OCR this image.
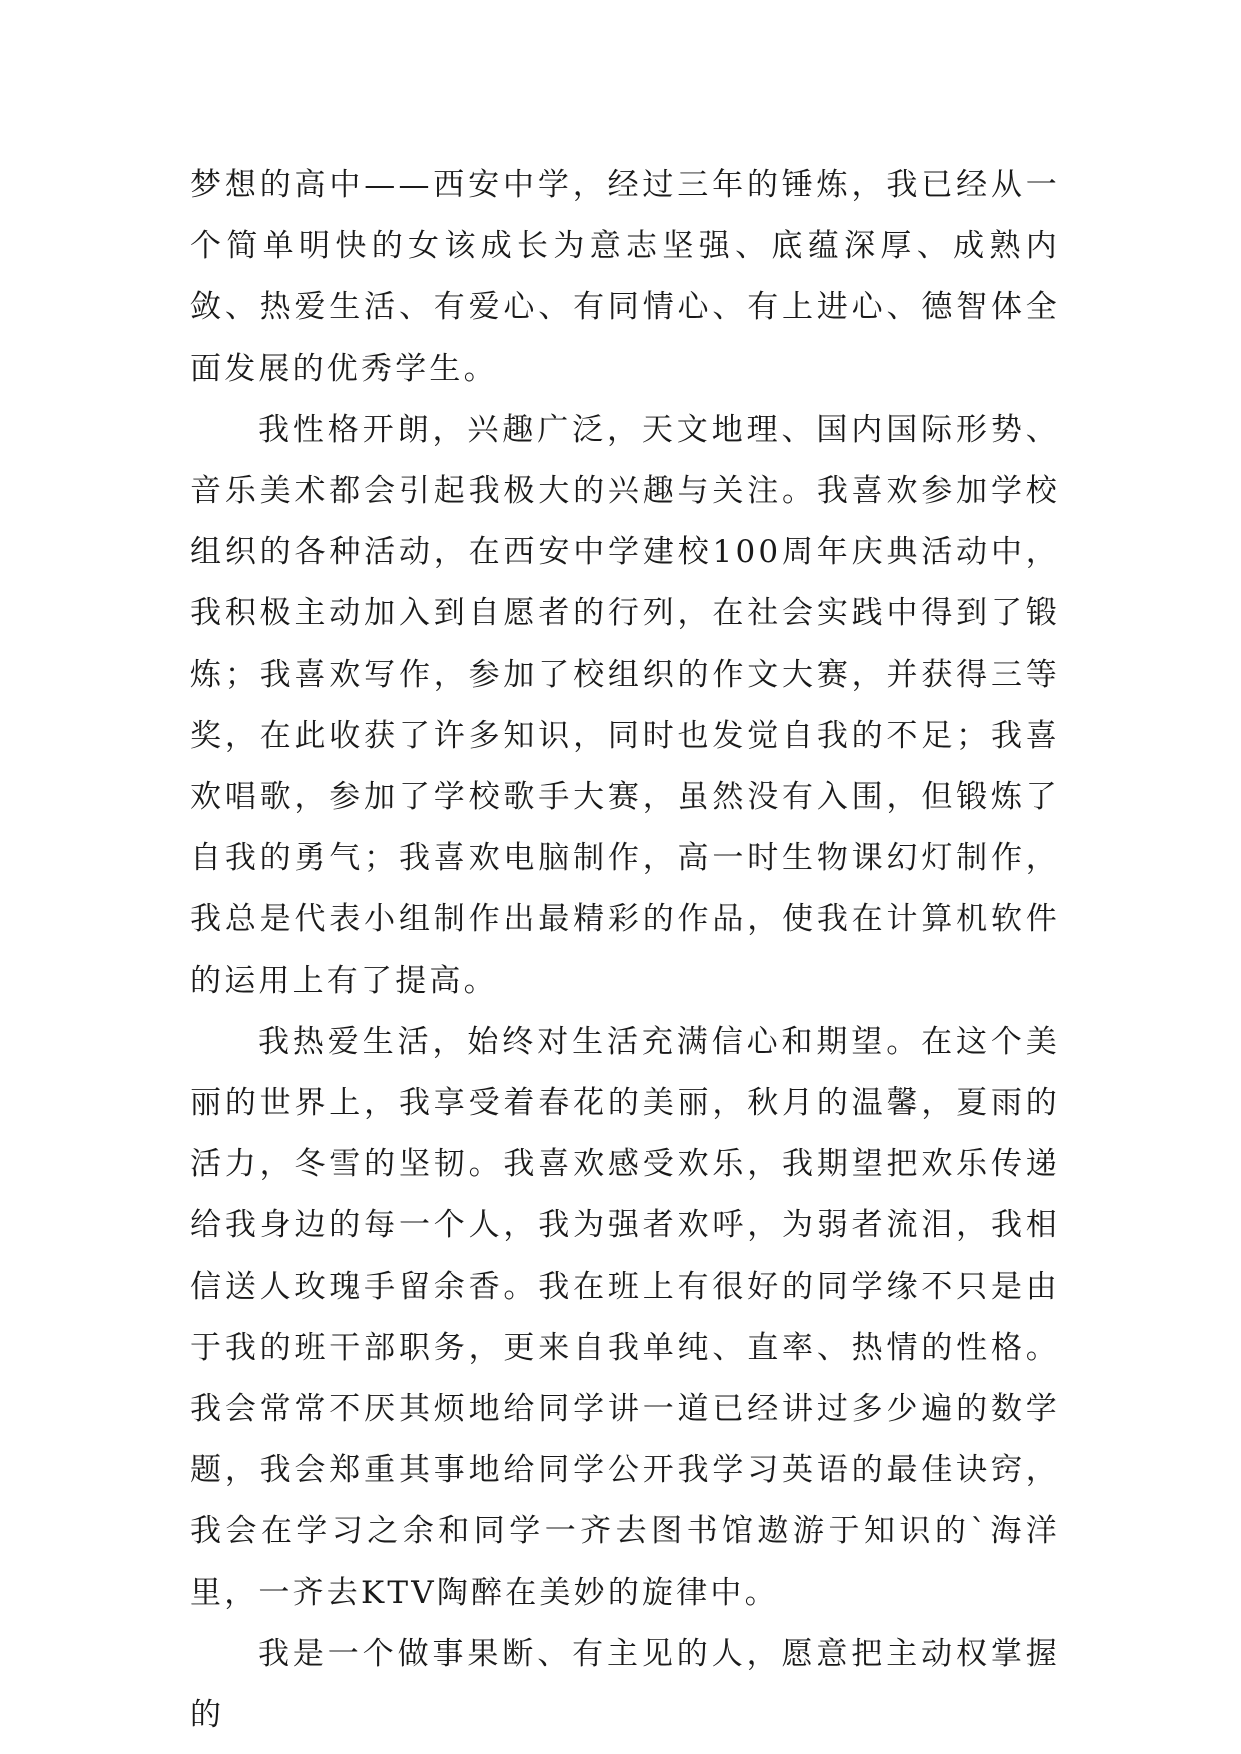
梦想的高中——西安中学，经过三年的锤炼，我已经从一个简单明快的女该成长为意志坚强、底蕴深厚、成熟内敛、热爱生活、有爱心、有同情心、有上进心、德智体全面发展的优秀学生。

我性格开朗，兴趣广泛，天文地理、国内国际形势、音乐美术都会引起我极大的兴趣与关注。我喜欢参加学校组织的各种活动，在西安中学建校100周年庆典活动中，我积极主动加入到自愿者的行列，在社会实践中得到了锻炼；我喜欢写作，参加了校组织的作文大赛，并获得三等奖，在此收获了许多知识，同时也发觉自我的不足；我喜欢唱歌，参加了学校歌手大赛，虽然没有入围，但锻炼了自我的勇气；我喜欢电脑制作，高一时生物课幻灯制作，我总是代表小组制作出最精彩的作品，使我在计算机软件的运用上有了提高。

我热爱生活，始终对生活充满信心和期望。在这个美丽的世界上，我享受着春花的美丽，秋月的温馨，夏雨的活力，冬雪的坚韧。我喜欢感受欢乐，我期望把欢乐传递给我身边的每一个人，我为强者欢呼，为弱者流泪，我相信送人玫瑰手留余香。我在班上有很好的同学缘不只是由于我的班干部职务，更来自我单纯、直率、热情的性格。我会常常不厌其烦地给同学讲一道已经讲过多少遍的数学题，我会郑重其事地给同学公开我学习英语的最佳诀窍，我会在学习之余和同学一齐去图书馆遨游于知识的`海洋里，一齐去KTV陶醉在美妙的旋律中。

我是一个做事果断、有主见的人，愿意把主动权掌握的
